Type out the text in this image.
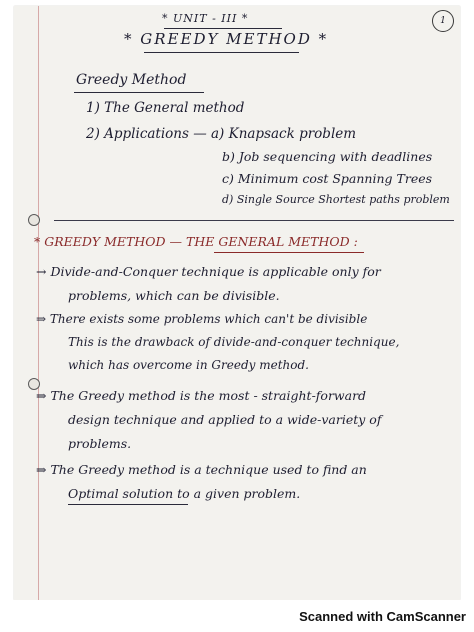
1
* UNIT - III *
* GREEDY METHOD *
Greedy Method
1) The General method
2) Applications — a) Knapsack problem
b) Job sequencing with deadlines
c) Minimum cost Spanning Trees
d) Single Source Shortest paths problem
* GREEDY METHOD — THE GENERAL METHOD :
→ Divide-and-Conquer technique is applicable only for
problems, which can be divisible.
⇒ There exists some problems which can't be divisible
This is the drawback of divide-and-conquer technique,
which has overcome in Greedy method.
⇒ The Greedy method is the most - straight-forward
design technique and applied to a wide-variety of
problems.
⇒ The Greedy method is a technique used to find an
Optimal solution to a given problem.
Scanned with CamScanner
